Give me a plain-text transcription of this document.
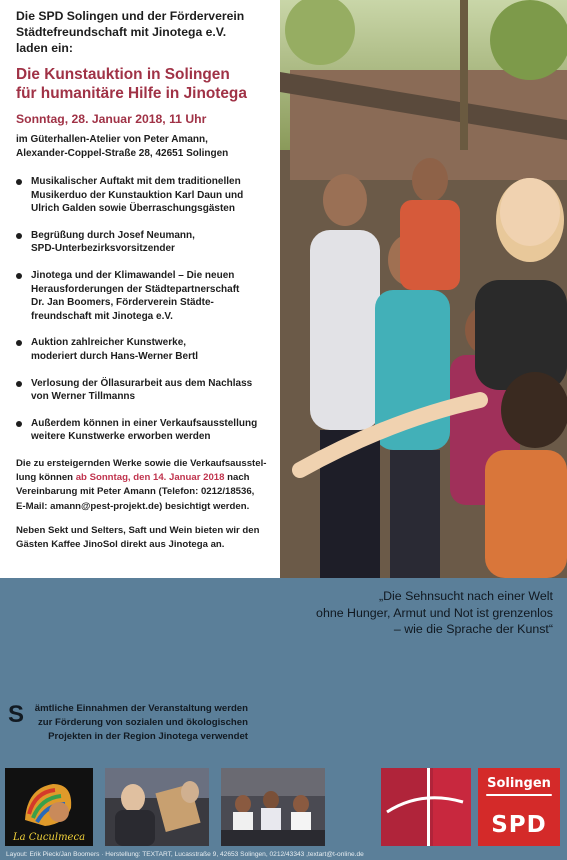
Die SPD Solingen und der Förderverein
Städtefreundschaft mit Jinotega e.V.
laden ein:
Die Kunstauktion in Solingen
für humanitäre Hilfe in Jinotega
Sonntag, 28. Januar 2018, 11 Uhr
im Güterhallen-Atelier von Peter Amann,
Alexander-Coppel-Straße 28, 42651 Solingen
Musikalischer Auftakt mit dem traditionellen
Musikerduo der Kunstauktion Karl Daun und
Ulrich Galden sowie Überraschungsgästen
Begrüßung durch Josef Neumann,
SPD-Unterbezirksvorsitzender
Jinotega und der Klimawandel – Die neuen
Herausforderungen der Städtepartnerschaft
Dr. Jan Boomers, Förderverein Städte-
freundschaft mit Jinotega e.V.
Auktion zahlreicher Kunstwerke,
moderiert durch Hans-Werner Bertl
Verlosung der Öllasurarbeit aus dem Nachlass
von Werner Tillmanns
Außerdem können in einer Verkaufsausstellung
weitere Kunstwerke erworben werden
Die zu ersteigernden Werke sowie die Verkaufsausstel-
lung können ab Sonntag, den 14. Januar 2018 nach
Vereinbarung mit Peter Amann (Telefon: 0212/18536,
E-Mail: amann@pest-projekt.de) besichtigt werden.
Neben Sekt und Selters, Saft und Wein bieten wir den
Gästen Kaffee JinoSol direkt aus Jinotega an.
„Die Sehnsucht nach einer Welt
ohne Hunger, Armut und Not ist grenzenlos
– wie die Sprache der Kunst“
S	ämtliche Einnahmen der Veranstaltung werden
zur Förderung von sozialen und ökologischen
Projekten in der Region Jinotega verwendet
La Cuculmeca
Solingen
SPD
Layout: Erik Pieck/Jan Boomers · Herstellung: TEXTART, Lucasstraße 9, 42653 Solingen, 0212/43343 ,textart@t-online.de
